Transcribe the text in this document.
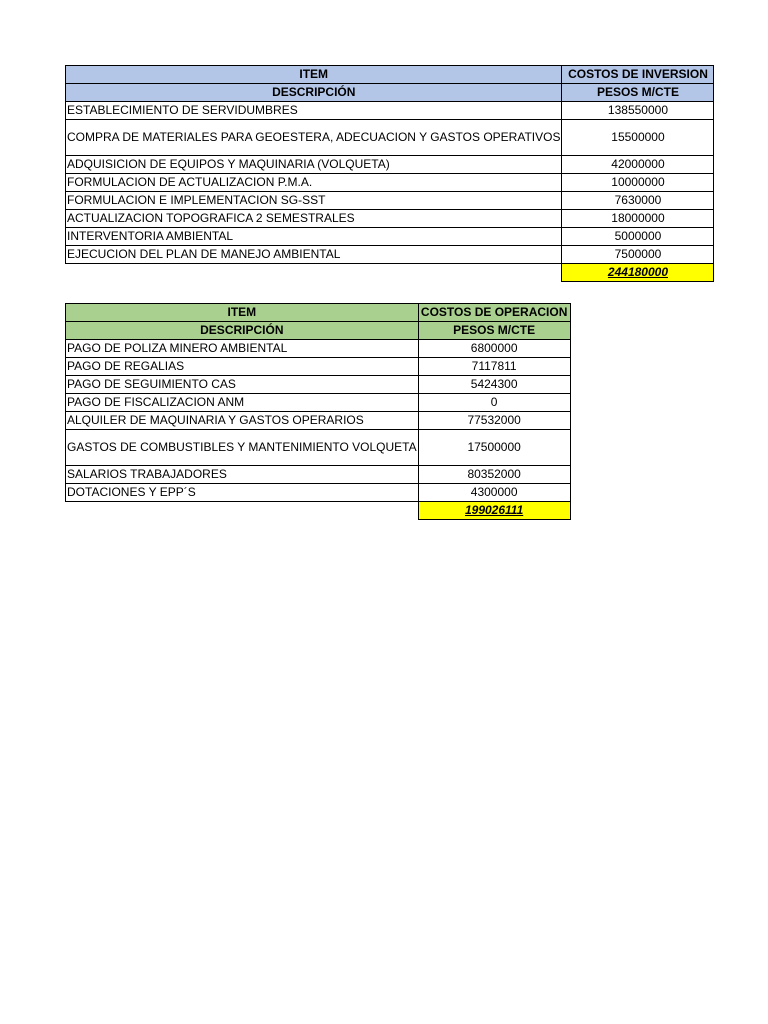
ITEM	COSTOS DE INVERSION
DESCRIPCIÓN	PESOS M/CTE
ESTABLECIMIENTO DE SERVIDUMBRES	138550000
COMPRA DE MATERIALES PARA GEOESTERA, ADECUACION Y GASTOS OPERATIVOS	15500000
ADQUISICION DE EQUIPOS Y MAQUINARIA (VOLQUETA)	42000000
FORMULACION DE ACTUALIZACION P.M.A.	10000000
FORMULACION E IMPLEMENTACION SG-SST	7630000
ACTUALIZACION TOPOGRAFICA 2 SEMESTRALES	18000000
INTERVENTORIA AMBIENTAL	5000000
EJECUCION DEL PLAN DE MANEJO AMBIENTAL	7500000
	244180000
ITEM	COSTOS DE OPERACION
DESCRIPCIÓN	PESOS M/CTE
PAGO DE POLIZA MINERO AMBIENTAL	6800000
PAGO DE REGALIAS	7117811
PAGO DE SEGUIMIENTO CAS	5424300
PAGO DE FISCALIZACION ANM	0
ALQUILER DE MAQUINARIA Y GASTOS OPERARIOS	77532000
GASTOS DE COMBUSTIBLES Y MANTENIMIENTO VOLQUETA	17500000
SALARIOS TRABAJADORES	80352000
DOTACIONES Y EPP´S	4300000
	199026111
